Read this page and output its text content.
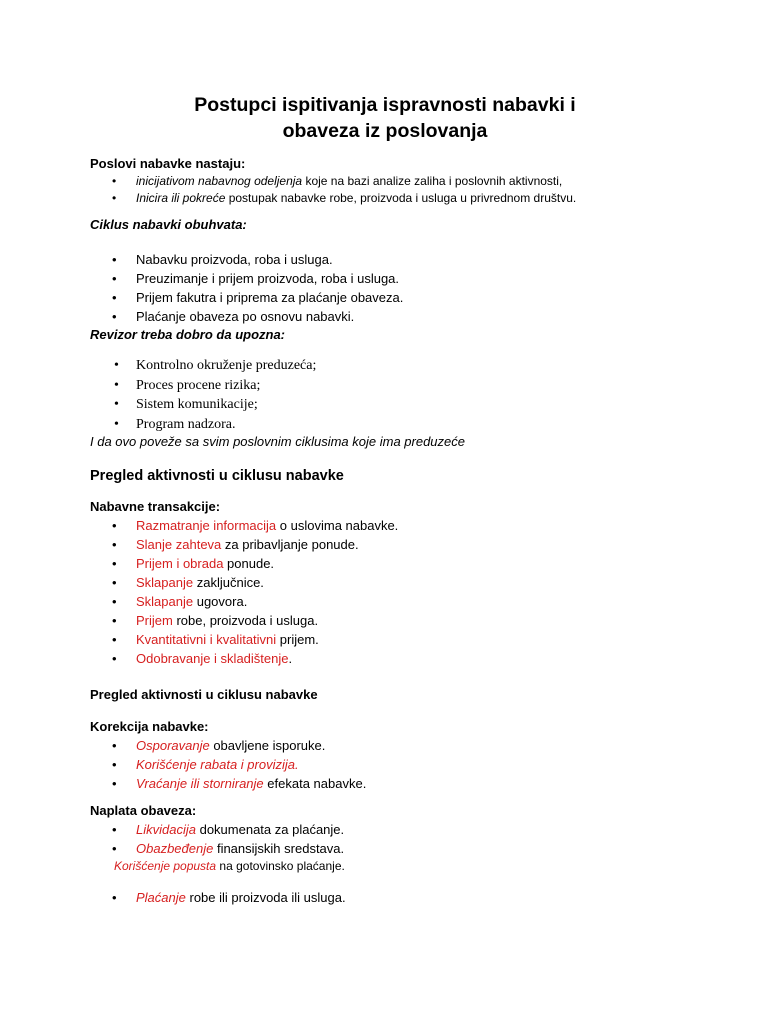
Postupci ispitivanja ispravnosti nabavki i
obaveza iz poslovanja

Poslovi nabavke nastaju:

• inicijativom nabavnog odeljenja koje na bazi analize zaliha i poslovnih aktivnosti,
• Inicira ili pokreće postupak nabavke robe, proizvoda i usluga u privrednom društvu.

Ciklus nabavki obuhvata:

• Nabavku proizvoda, roba i usluga.
• Preuzimanje i prijem proizvoda, roba i usluga.
• Prijem fakutra i priprema za plaćanje obaveza.
• Plaćanje obaveza po osnovu nabavki.

Revizor treba dobro da upozna:

• Kontrolno okruženje preduzeća;
• Proces procene rizika;
• Sistem komunikacije;
• Program nadzora.
I da ovo poveže sa svim poslovnim ciklusima koje ima preduzeće

Pregled aktivnosti u ciklusu nabavke

Nabavne transakcije:

• Razmatranje informacija o uslovima nabavke.
• Slanje zahteva za pribavljanje ponude.
• Prijem i obrada ponude.
• Sklapanje zaključnice.
• Sklapanje ugovora.
• Prijem robe, proizvoda i usluga.
• Kvantitativni i kvalitativni prijem.
• Odobravanje i skladištenje.

Pregled aktivnosti u ciklusu nabavke

Korekcija nabavke:

• Osporavanje obavljene isporuke.
• Korišćenje rabata i provizija.
• Vraćanje ili storniranje efekata nabavke.

Naplata obaveza:

• Likvidacija dokumenata za plaćanje.
• Obazbeđenje finansijskih sredstava.
Korišćenje popusta na gotovinsko plaćanje.
• Plaćanje robe ili proizvoda ili usluga.
